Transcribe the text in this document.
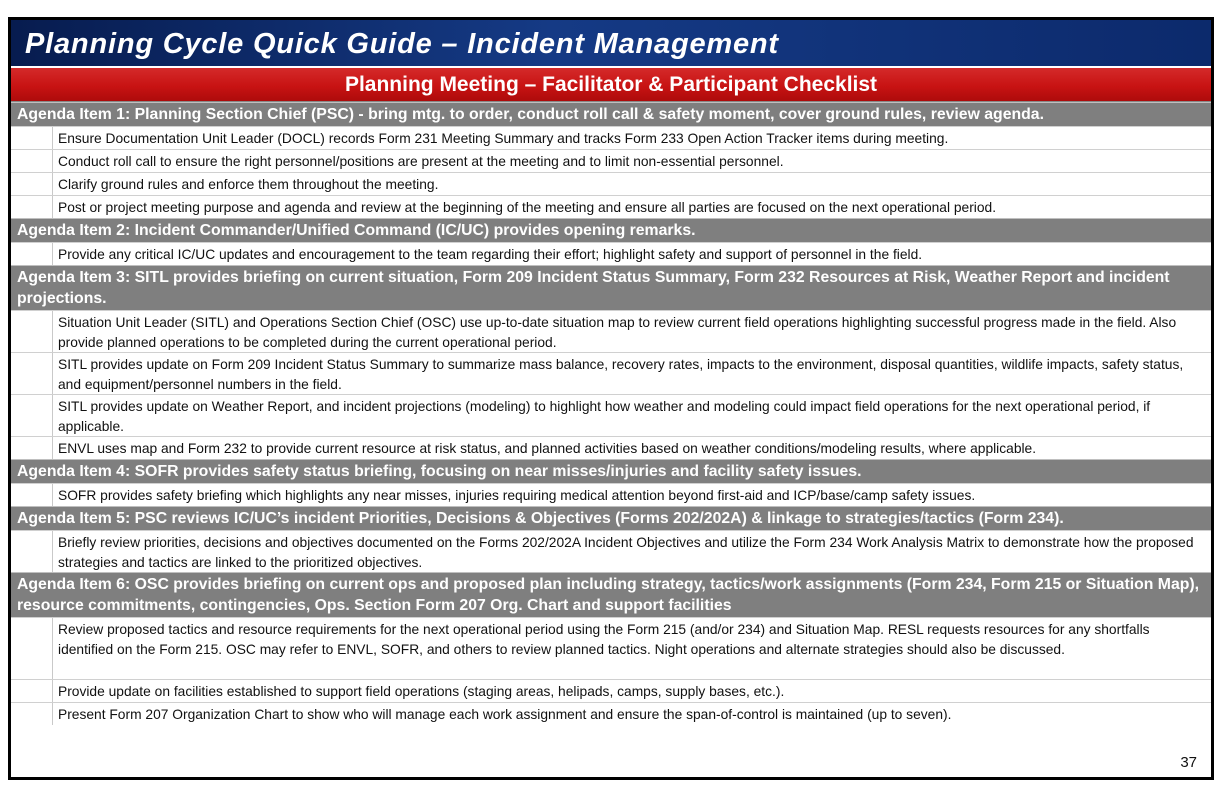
Planning Cycle Quick Guide – Incident Management
Planning Meeting – Facilitator & Participant Checklist
Agenda Item 1: Planning Section Chief (PSC) - bring mtg. to order, conduct roll call & safety moment, cover ground rules, review agenda.
Ensure Documentation Unit Leader (DOCL) records Form 231 Meeting Summary and tracks Form 233 Open Action Tracker items during meeting.
Conduct roll call to ensure the right personnel/positions are present at the meeting and to limit non-essential personnel.
Clarify ground rules and enforce them throughout the meeting.
Post or project meeting purpose and agenda and review at the beginning of the meeting and ensure all parties are focused on the next operational period.
Agenda Item 2: Incident Commander/Unified Command (IC/UC) provides opening remarks.
Provide any critical IC/UC updates and encouragement to the team regarding their effort; highlight safety and support of personnel in the field.
Agenda Item 3: SITL provides briefing on current situation, Form 209 Incident Status Summary, Form 232 Resources at Risk, Weather Report and incident projections.
Situation Unit Leader (SITL) and Operations Section Chief (OSC) use up-to-date situation map to review current field operations highlighting successful progress made in the field. Also provide planned operations to be completed during the current operational period.
SITL provides update on Form 209 Incident Status Summary to summarize mass balance, recovery rates, impacts to the environment, disposal quantities, wildlife impacts, safety status, and equipment/personnel numbers in the field.
SITL provides update on Weather Report, and incident projections (modeling) to highlight how weather and modeling could impact field operations for the next operational period, if applicable.
ENVL uses map and Form 232 to provide current resource at risk status, and planned activities based on weather conditions/modeling results, where applicable.
Agenda Item 4: SOFR provides safety status briefing, focusing on near misses/injuries and facility safety issues.
SOFR provides safety briefing which highlights any near misses, injuries requiring medical attention beyond first-aid and ICP/base/camp safety issues.
Agenda Item 5: PSC reviews IC/UC’s incident Priorities, Decisions & Objectives (Forms 202/202A) & linkage to strategies/tactics (Form 234).
Briefly review priorities, decisions and objectives documented on the Forms 202/202A Incident Objectives and utilize the Form 234 Work Analysis Matrix to demonstrate how the proposed strategies and tactics are linked to the prioritized objectives.
Agenda Item 6: OSC provides briefing on current ops and proposed plan including strategy, tactics/work assignments (Form 234, Form 215 or Situation Map), resource commitments, contingencies, Ops. Section Form 207 Org. Chart and support facilities
Review proposed tactics and resource requirements for the next operational period using the Form 215 (and/or 234) and Situation Map. RESL requests resources for any shortfalls identified on the Form 215. OSC may refer to ENVL, SOFR, and others to review planned tactics. Night operations and alternate strategies should also be discussed.
Provide update on facilities established to support field operations (staging areas, helipads, camps, supply bases, etc.).
Present Form 207 Organization Chart to show who will manage each work assignment and ensure the span-of-control is maintained (up to seven).
37
